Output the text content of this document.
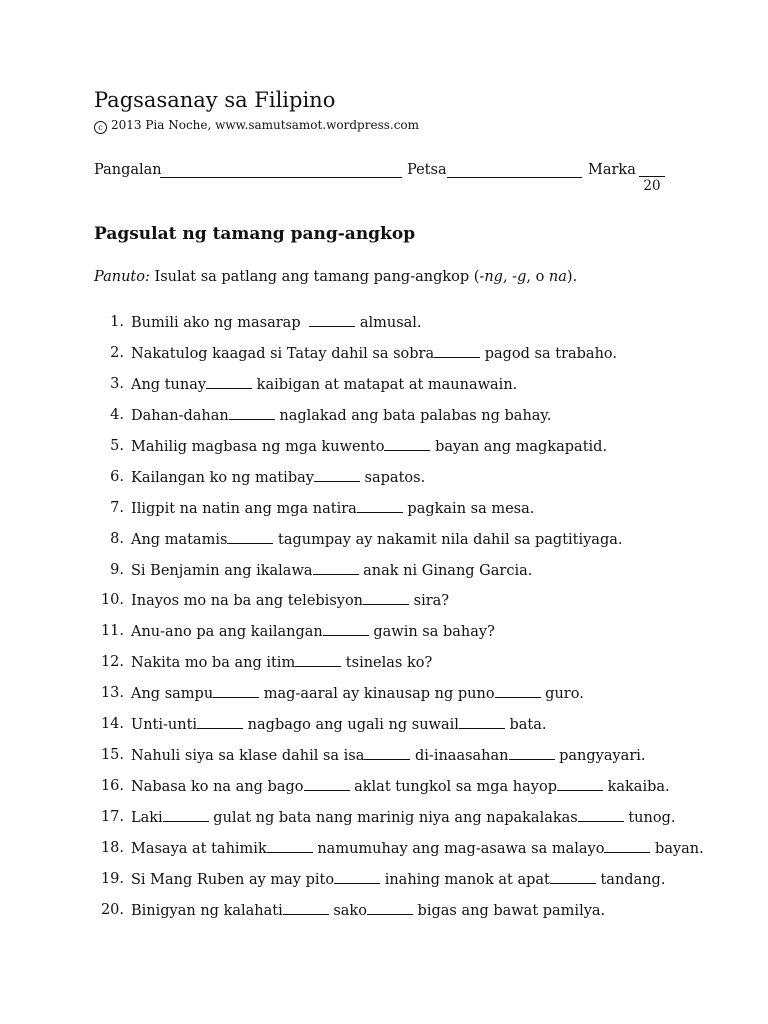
Pagsasanay sa Filipino
c 2013 Pia Noche, www.samutsamot.wordpress.com
Pangalan	Petsa	Marka
20
Pagsulat ng tamang pang-angkop
Panuto: Isulat sa patlang ang tamang pang-angkop (-ng, -g, o na).
1. Bumili ako ng masarap	almusal.
2. Nakatulog kaagad si Tatay dahil sa sobra	pagod sa trabaho.
3. Ang tunay	kaibigan at matapat at maunawain.
4. Dahan-dahan	naglakad ang bata palabas ng bahay.
5. Mahilig magbasa ng mga kuwento	bayan ang magkapatid.
6. Kailangan ko ng matibay	sapatos.
7. Iligpit na natin ang mga natira	pagkain sa mesa.
8. Ang matamis	tagumpay ay nakamit nila dahil sa pagtitiyaga.
9. Si Benjamin ang ikalawa	anak ni Ginang Garcia.
10. Inayos mo na ba ang telebisyon	sira?
11. Anu-ano pa ang kailangan	gawin sa bahay?
12. Nakita mo ba ang itim	tsinelas ko?
13. Ang sampu	mag-aaral ay kinausap ng puno	guro.
14. Unti-unti	nagbago ang ugali ng suwail	bata.
15. Nahuli siya sa klase dahil sa isa	di-inaasahan	pangyayari.
16. Nabasa ko na ang bago	aklat tungkol sa mga hayop	kakaiba.
17. Laki	gulat ng bata nang marinig niya ang napakalakas	tunog.
18. Masaya at tahimik	namumuhay ang mag-asawa sa malayo	bayan.
19. Si Mang Ruben ay may pito	inahing manok at apat	tandang.
20. Binigyan ng kalahati	sako	bigas ang bawat pamilya.
